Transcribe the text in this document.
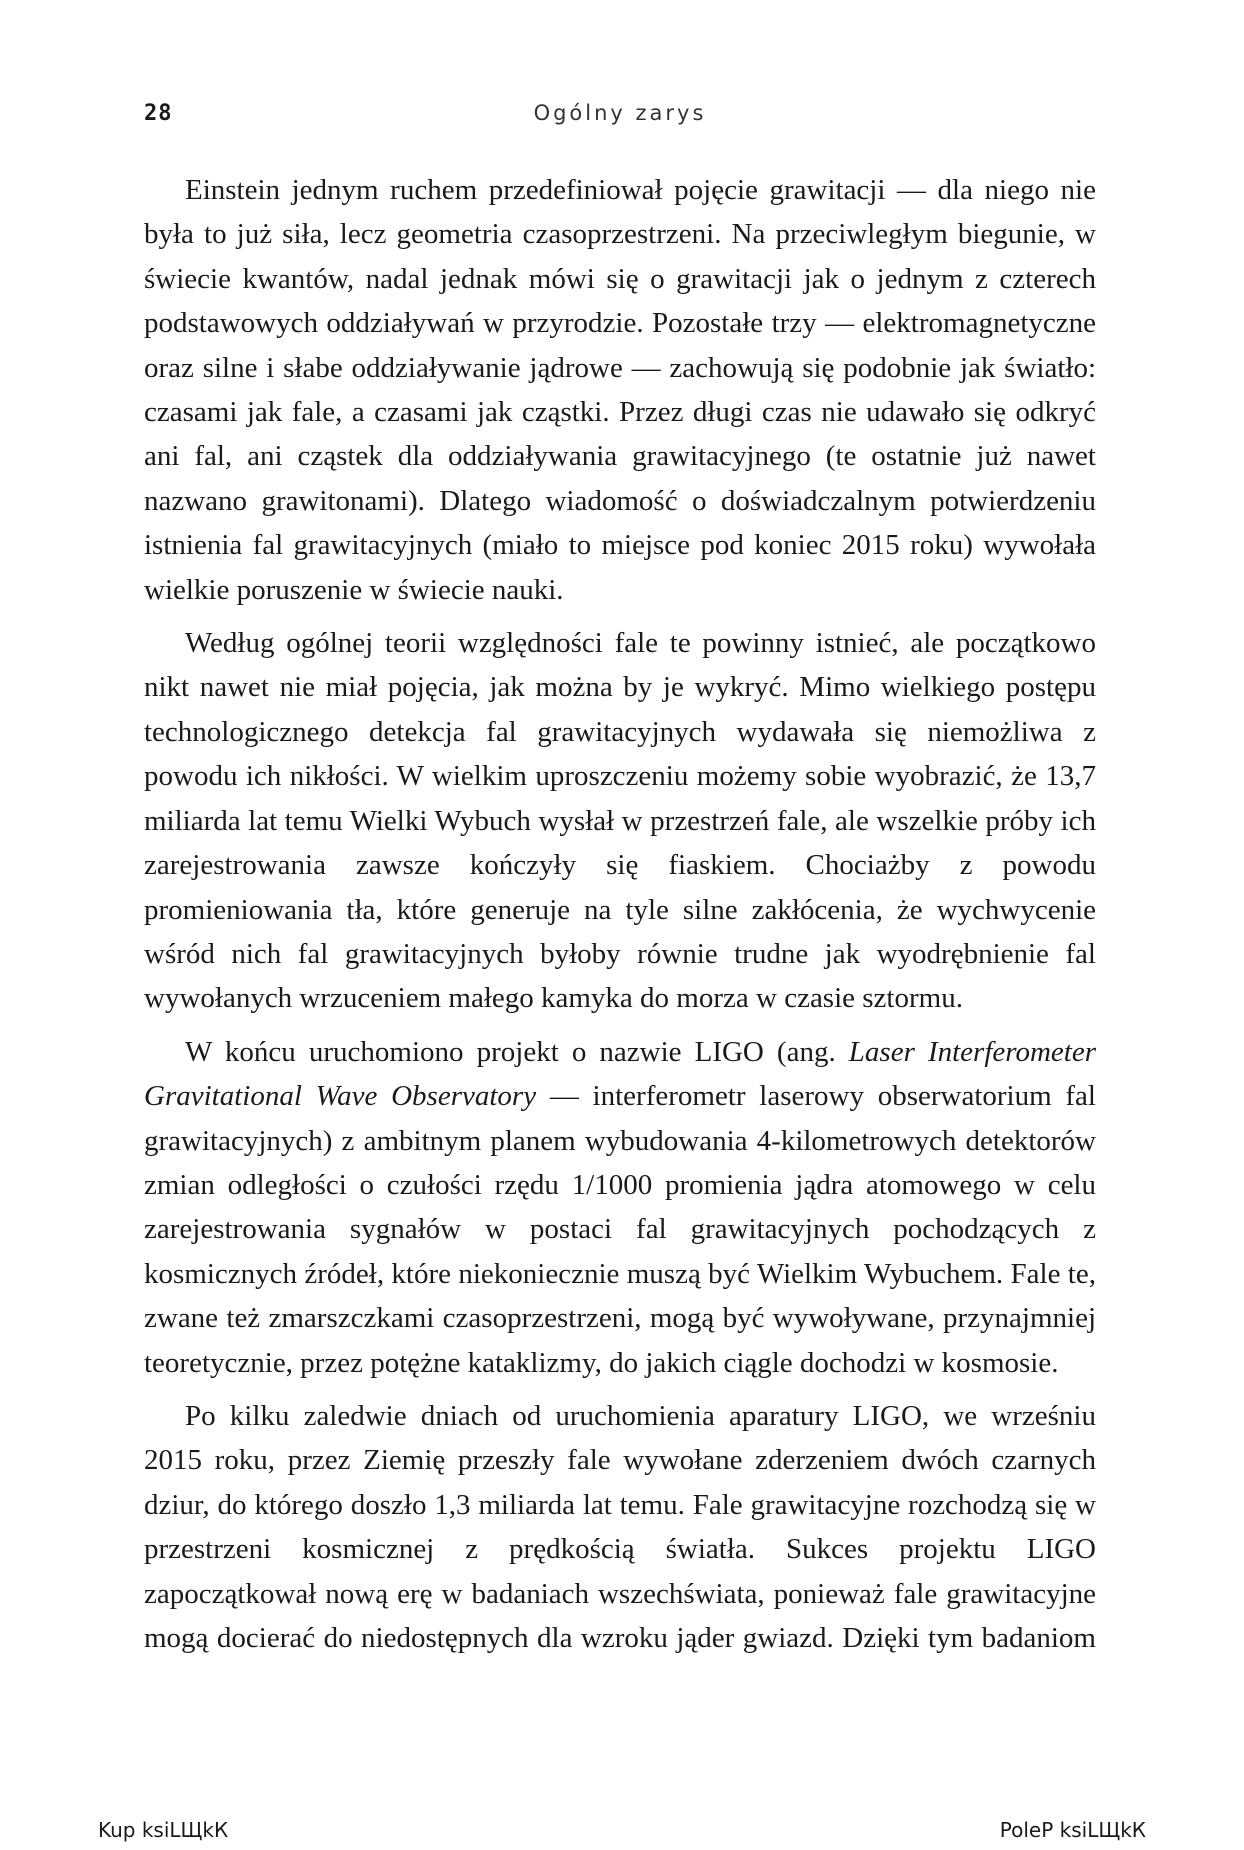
28	Ogólny zarys

Einstein jednym ruchem przedefiniował pojęcie grawitacji — dla niego nie była to już siła, lecz geometria czasoprzestrzeni. Na przeciwległym biegunie, w świecie kwantów, nadal jednak mówi się o grawitacji jak o jednym z czterech podstawowych oddziaływań w przyrodzie. Pozostałe trzy — elektromagnetyczne oraz silne i słabe oddziaływanie jądrowe — zachowują się podobnie jak światło: czasami jak fale, a czasami jak cząstki. Przez długi czas nie udawało się odkryć ani fal, ani cząstek dla oddziaływania grawitacyjnego (te ostatnie już nawet nazwano grawitonami). Dlatego wiadomość o doświadczalnym potwierdzeniu istnienia fal grawitacyjnych (miało to miejsce pod koniec 2015 roku) wywołała wielkie poruszenie w świecie nauki.

Według ogólnej teorii względności fale te powinny istnieć, ale początkowo nikt nawet nie miał pojęcia, jak można by je wykryć. Mimo wielkiego postępu technologicznego detekcja fal grawitacyjnych wydawała się niemożliwa z powodu ich nikłości. W wielkim uproszczeniu możemy sobie wyobrazić, że 13,7 miliarda lat temu Wielki Wybuch wysłał w przestrzeń fale, ale wszelkie próby ich zarejestrowania zawsze kończyły się fiaskiem. Chociażby z powodu promieniowania tła, które generuje na tyle silne zakłócenia, że wychwycenie wśród nich fal grawitacyjnych byłoby równie trudne jak wyodrębnienie fal wywołanych wrzuceniem małego kamyka do morza w czasie sztormu.

W końcu uruchomiono projekt o nazwie LIGO (ang. Laser Interferometer Gravitational Wave Observatory — interferometr laserowy obserwatorium fal grawitacyjnych) z ambitnym planem wybudowania 4-kilometrowych detektorów zmian odległości o czułości rzędu 1/1000 promienia jądra atomowego w celu zarejestrowania sygnałów w postaci fal grawitacyjnych pochodzących z kosmicznych źródeł, które niekoniecznie muszą być Wielkim Wybuchem. Fale te, zwane też zmarszczkami czasoprzestrzeni, mogą być wywoływane, przynajmniej teoretycznie, przez potężne kataklizmy, do jakich ciągle dochodzi w kosmosie.

Po kilku zaledwie dniach od uruchomienia aparatury LIGO, we wrześniu 2015 roku, przez Ziemię przeszły fale wywołane zderzeniem dwóch czarnych dziur, do którego doszło 1,3 miliarda lat temu. Fale grawitacyjne rozchodzą się w przestrzeni kosmicznej z prędkością światła. Sukces projektu LIGO zapoczątkował nową erę w badaniach wszechświata, ponieważ fale grawitacyjne mogą docierać do niedostępnych dla wzroku jąder gwiazd. Dzięki tym badaniom

Kup ksiLЩkК	PoleР ksiLЩkК
